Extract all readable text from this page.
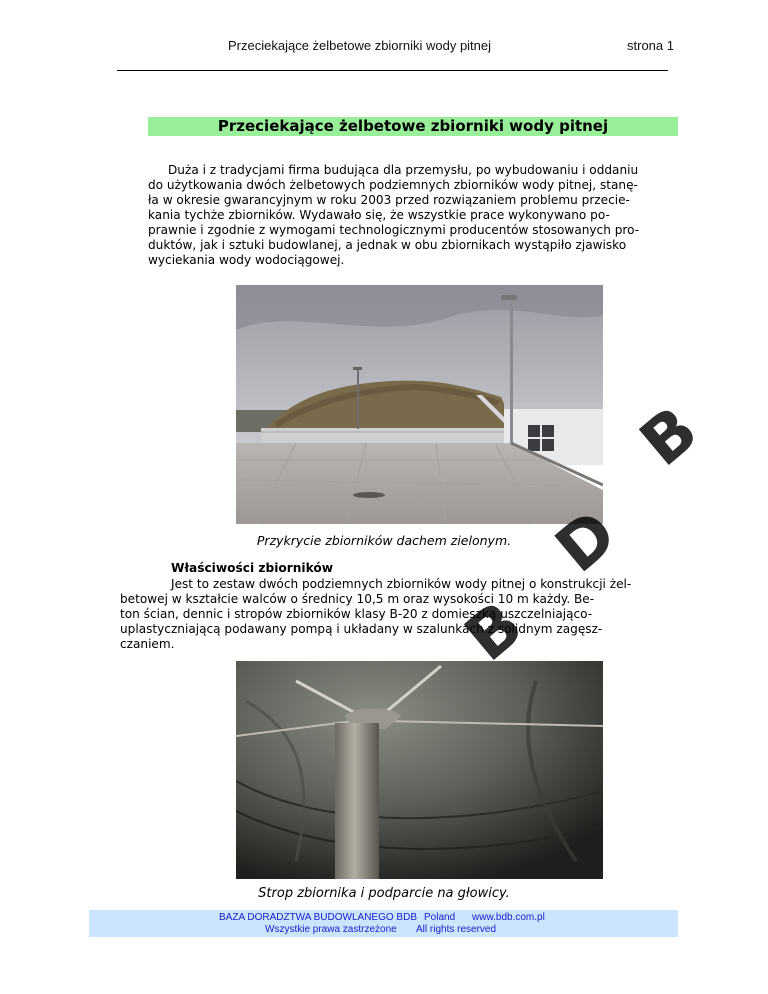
Przeciekające żelbetowe zbiorniki wody pitnej	strona 1
Przeciekające żelbetowe zbiorniki wody pitnej
Duża i z tradycjami firma budująca dla przemysłu, po wybudowaniu i oddaniu
do użytkowania dwóch żelbetowych podziemnych zbiorników wody pitnej, stanę-
ła w okresie gwarancyjnym w roku 2003 przed rozwiązaniem problemu przecie-
kania tychże zbiorników. Wydawało się, że wszystkie prace wykonywano po-
prawnie i zgodnie z wymogami technologicznymi producentów stosowanych pro-
duktów, jak i sztuki budowlanej, a jednak w obu zbiornikach wystąpiło zjawisko
wyciekania wody wodociągowej.
Przykrycie zbiorników dachem zielonym.
Właściwości zbiorników
Jest to zestaw dwóch podziemnych zbiorników wody pitnej o konstrukcji żel-
betowej w kształcie walców o średnicy 10,5 m oraz wysokości 10 m każdy. Be-
ton ścian, dennic i stropów zbiorników klasy B-20 z domieszką uszczelniająco-
uplastyczniającą podawany pompą i układany w szalunkach z solidnym zagęsz-
czaniem.
Strop zbiornika i podparcie na głowicy.
B
D
B
BAZA DORADZTWA BUDOWLANEGO BDB Poland www.bdb.com.pl
Wszystkie prawa zastrzeżone All rights reserved
